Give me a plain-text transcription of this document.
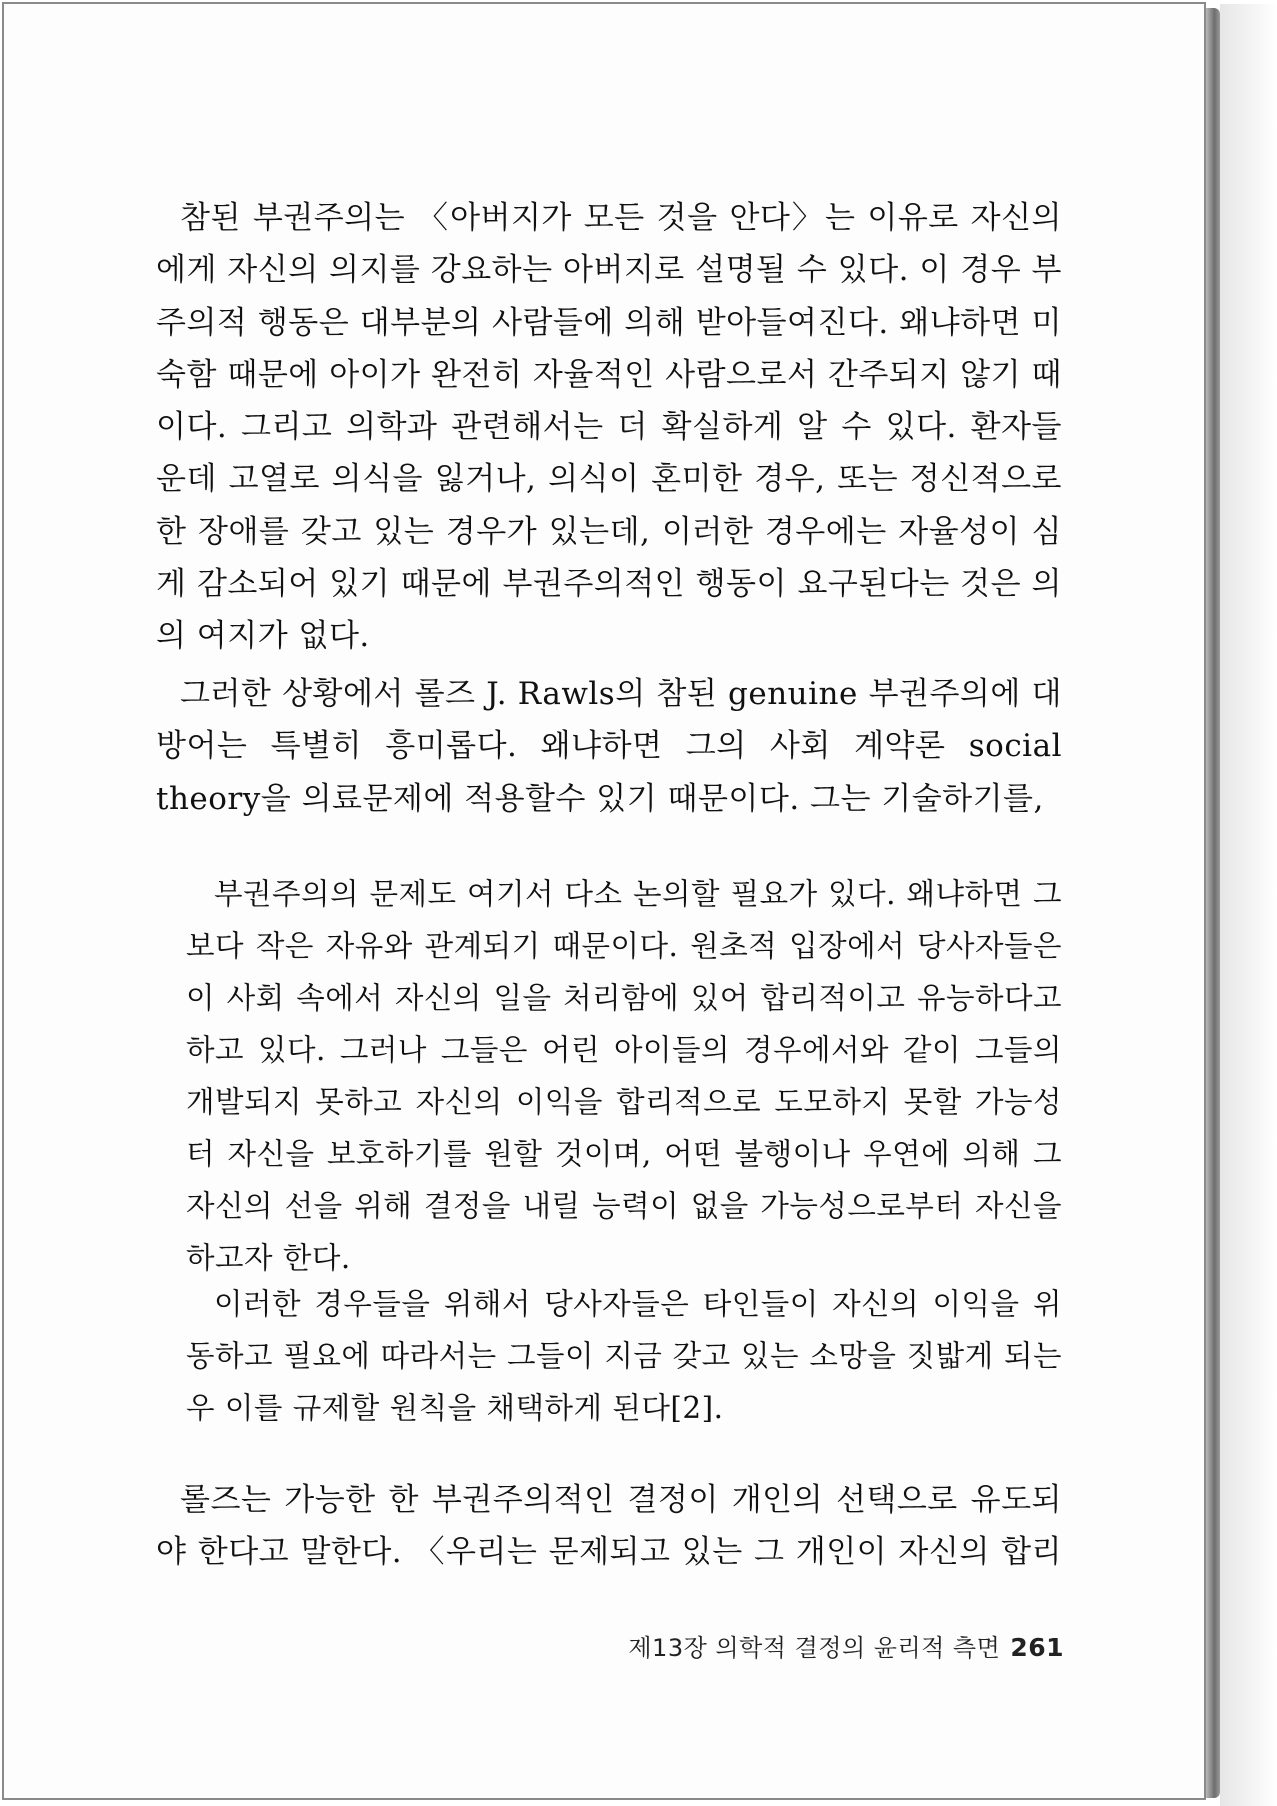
참된 부권주의는 〈아버지가 모든 것을 안다〉는 이유로 자신의
에게 자신의 의지를 강요하는 아버지로 설명될 수 있다. 이 경우 부
주의적 행동은 대부분의 사람들에 의해 받아들여진다. 왜냐하면 미
숙함 때문에 아이가 완전히 자율적인 사람으로서 간주되지 않기 때
이다. 그리고 의학과 관련해서는 더 확실하게 알 수 있다. 환자들
운데 고열로 의식을 잃거나, 의식이 혼미한 경우, 또는 정신적으로
한 장애를 갖고 있는 경우가 있는데, 이러한 경우에는 자율성이 심
게 감소되어 있기 때문에 부권주의적인 행동이 요구된다는 것은 의
의 여지가 없다.
그러한 상황에서 롤즈 J. Rawls의 참된 genuine 부권주의에 대
방어는 특별히 흥미롭다. 왜냐하면 그의 사회 계약론 social
theory을 의료문제에 적용할수 있기 때문이다. 그는 기술하기를,
부권주의의 문제도 여기서 다소 논의할 필요가 있다. 왜냐하면 그
보다 작은 자유와 관계되기 때문이다. 원초적 입장에서 당사자들은
이 사회 속에서 자신의 일을 처리함에 있어 합리적이고 유능하다고
하고 있다. 그러나 그들은 어린 아이들의 경우에서와 같이 그들의
개발되지 못하고 자신의 이익을 합리적으로 도모하지 못할 가능성
터 자신을 보호하기를 원할 것이며, 어떤 불행이나 우연에 의해 그
자신의 선을 위해 결정을 내릴 능력이 없을 가능성으로부터 자신을
하고자 한다.
이러한 경우들을 위해서 당사자들은 타인들이 자신의 이익을 위
동하고 필요에 따라서는 그들이 지금 갖고 있는 소망을 짓밟게 되는
우 이를 규제할 원칙을 채택하게 된다[2].
롤즈는 가능한 한 부권주의적인 결정이 개인의 선택으로 유도되
야 한다고 말한다. 〈우리는 문제되고 있는 그 개인이 자신의 합리
제13장 의학적 결정의 윤리적 측면 261
